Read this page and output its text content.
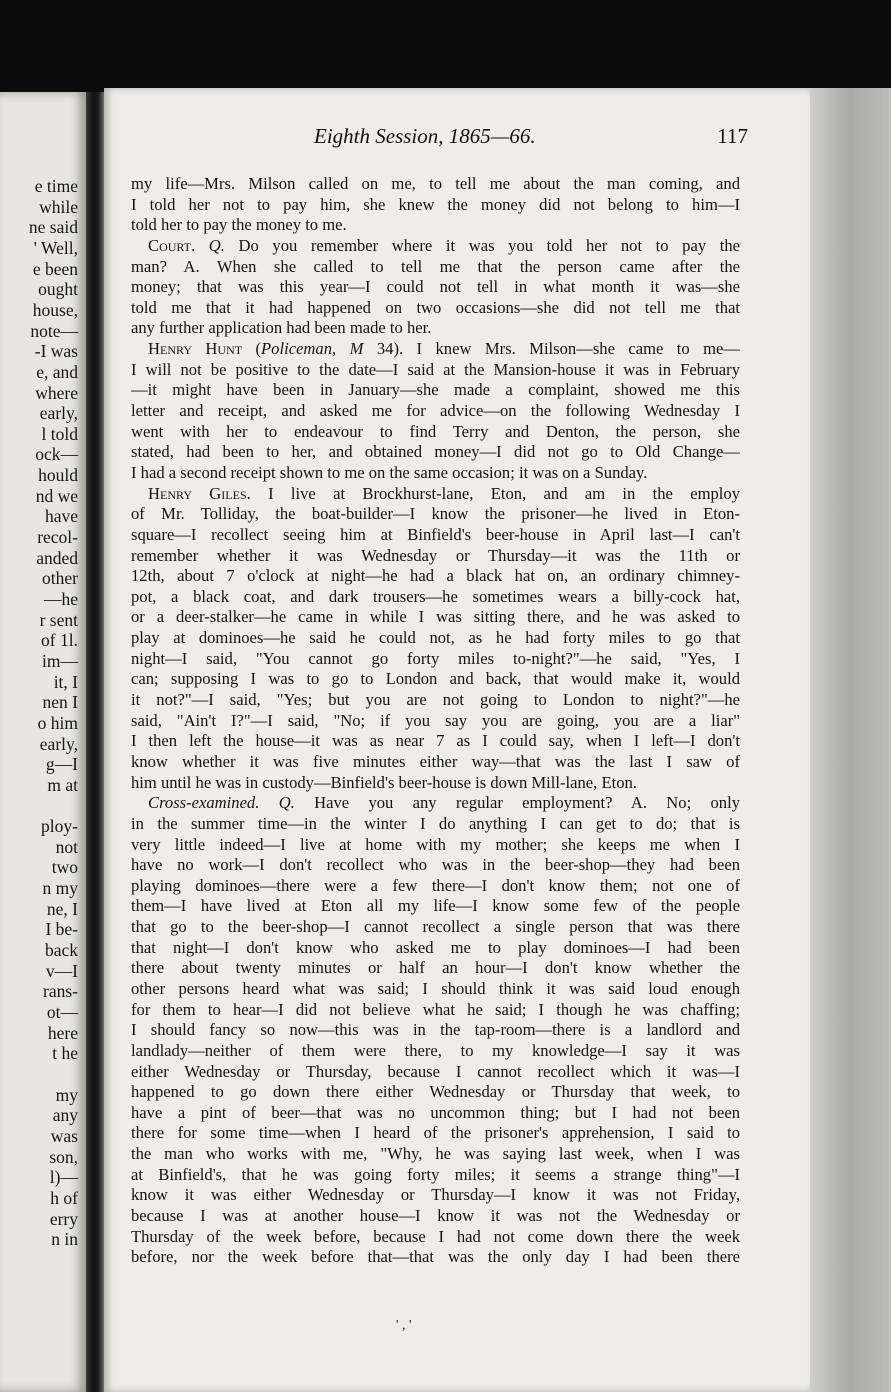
e time
while
ne said
' Well,
e been
ought
house,
note—
-I was
e, and
where
early,
l told
ock—
hould
nd we
have
recol-
anded
other
—he
r sent
of 1l.
im—
it, I
nen I
o him
early,
g—I
m at
ploy-
not
two
n my
ne, I
I be-
back
v—I
rans-
ot—
here
t he
my
any
was
son,
l)—
h of
erry
n in
Eighth Session, 1865—66.	117
my life—Mrs. Milson called on me, to tell me about the man coming, and
I told her not to pay him, she knew the money did not belong to him—I
told her to pay the money to me.
Court. Q. Do you remember where it was you told her not to pay the
man? A. When she called to tell me that the person came after the
money; that was this year—I could not tell in what month it was—she
told me that it had happened on two occasions—she did not tell me that
any further application had been made to her.
Henry Hunt (Policeman, M 34). I knew Mrs. Milson—she came to me—
I will not be positive to the date—I said at the Mansion-house it was in February
—it might have been in January—she made a complaint, showed me this
letter and receipt, and asked me for advice—on the following Wednesday I
went with her to endeavour to find Terry and Denton, the person, she
stated, had been to her, and obtained money—I did not go to Old Change—
I had a second receipt shown to me on the same occasion; it was on a Sunday.
Henry Giles. I live at Brockhurst-lane, Eton, and am in the employ
of Mr. Tolliday, the boat-builder—I know the prisoner—he lived in Eton-
square—I recollect seeing him at Binfield's beer-house in April last—I can't
remember whether it was Wednesday or Thursday—it was the 11th or
12th, about 7 o'clock at night—he had a black hat on, an ordinary chimney-
pot, a black coat, and dark trousers—he sometimes wears a billy-cock hat,
or a deer-stalker—he came in while I was sitting there, and he was asked to
play at dominoes—he said he could not, as he had forty miles to go that
night—I said, "You cannot go forty miles to-night?"—he said, "Yes, I
can; supposing I was to go to London and back, that would make it, would
it not?"—I said, "Yes; but you are not going to London to night?"—he
said, "Ain't I?"—I said, "No; if you say you are going, you are a liar"
I then left the house—it was as near 7 as I could say, when I left—I don't
know whether it was five minutes either way—that was the last I saw of
him until he was in custody—Binfield's beer-house is down Mill-lane, Eton.
Cross-examined. Q. Have you any regular employment? A. No; only
in the summer time—in the winter I do anything I can get to do; that is
very little indeed—I live at home with my mother; she keeps me when I
have no work—I don't recollect who was in the beer-shop—they had been
playing dominoes—there were a few there—I don't know them; not one of
them—I have lived at Eton all my life—I know some few of the people
that go to the beer-shop—I cannot recollect a single person that was there
that night—I don't know who asked me to play dominoes—I had been
there about twenty minutes or half an hour—I don't know whether the
other persons heard what was said; I should think it was said loud enough
for them to hear—I did not believe what he said; I though he was chaffing;
I should fancy so now—this was in the tap-room—there is a landlord and
landlady—neither of them were there, to my knowledge—I say it was
either Wednesday or Thursday, because I cannot recollect which it was—I
happened to go down there either Wednesday or Thursday that week, to
have a pint of beer—that was no uncommon thing; but I had not been
there for some time—when I heard of the prisoner's apprehension, I said to
the man who works with me, "Why, he was saying last week, when I was
at Binfield's, that he was going forty miles; it seems a strange thing"—I
know it was either Wednesday or Thursday—I know it was not Friday,
because I was at another house—I know it was not the Wednesday or
Thursday of the week before, because I had not come down there the week
before, nor the week before that—that was the only day I had been there
' , '
